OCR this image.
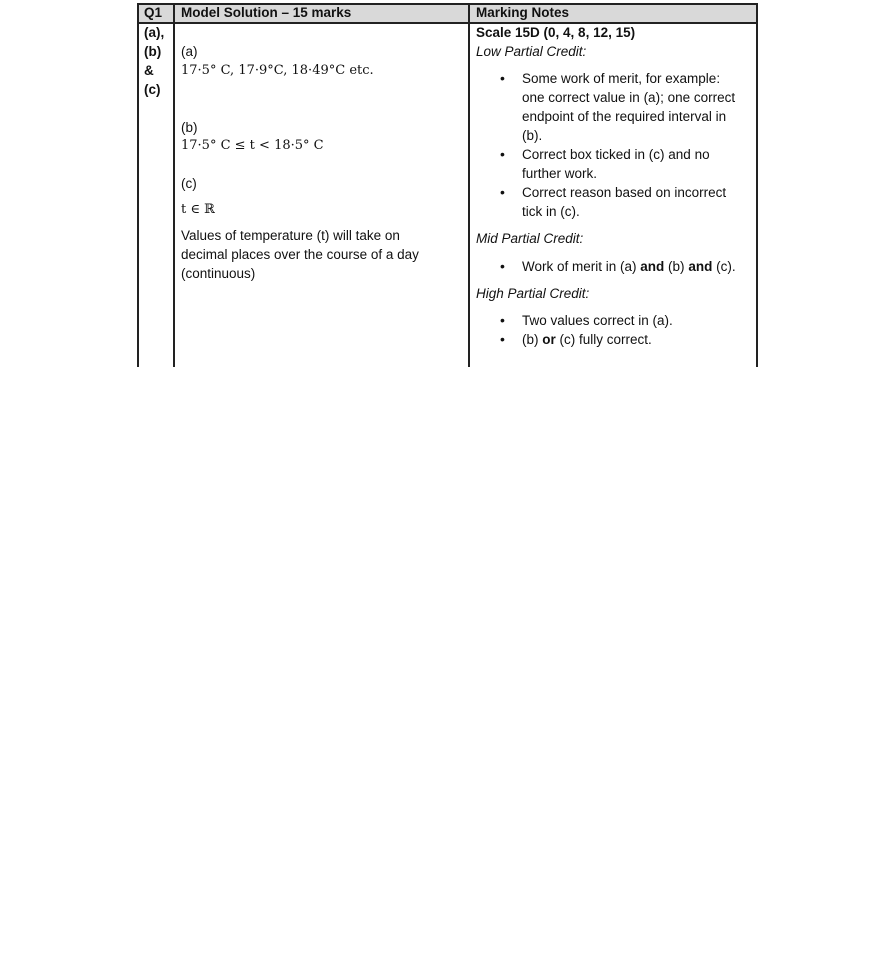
Q1 Model Solution – 15 marks	Marking Notes
(a),
(b)
&
(c)
(a)
17·5° C, 17·9°C, 18·49°C etc.
(b)
17·5° C ≤ t < 18·5° C
(c)
t ∈ ℝ
Values of temperature (t) will take on
decimal places over the course of a day
(continuous)
Scale 15D (0, 4, 8, 12, 15)
Low Partial Credit:
• Some work of merit, for example:
one correct value in (a); one correct
endpoint of the required interval in
(b).
• Correct box ticked in (c) and no
further work.
• Correct reason based on incorrect
tick in (c).
Mid Partial Credit:
• Work of merit in (a) and (b) and (c).
High Partial Credit:
• Two values correct in (a).
• (b) or (c) fully correct.
